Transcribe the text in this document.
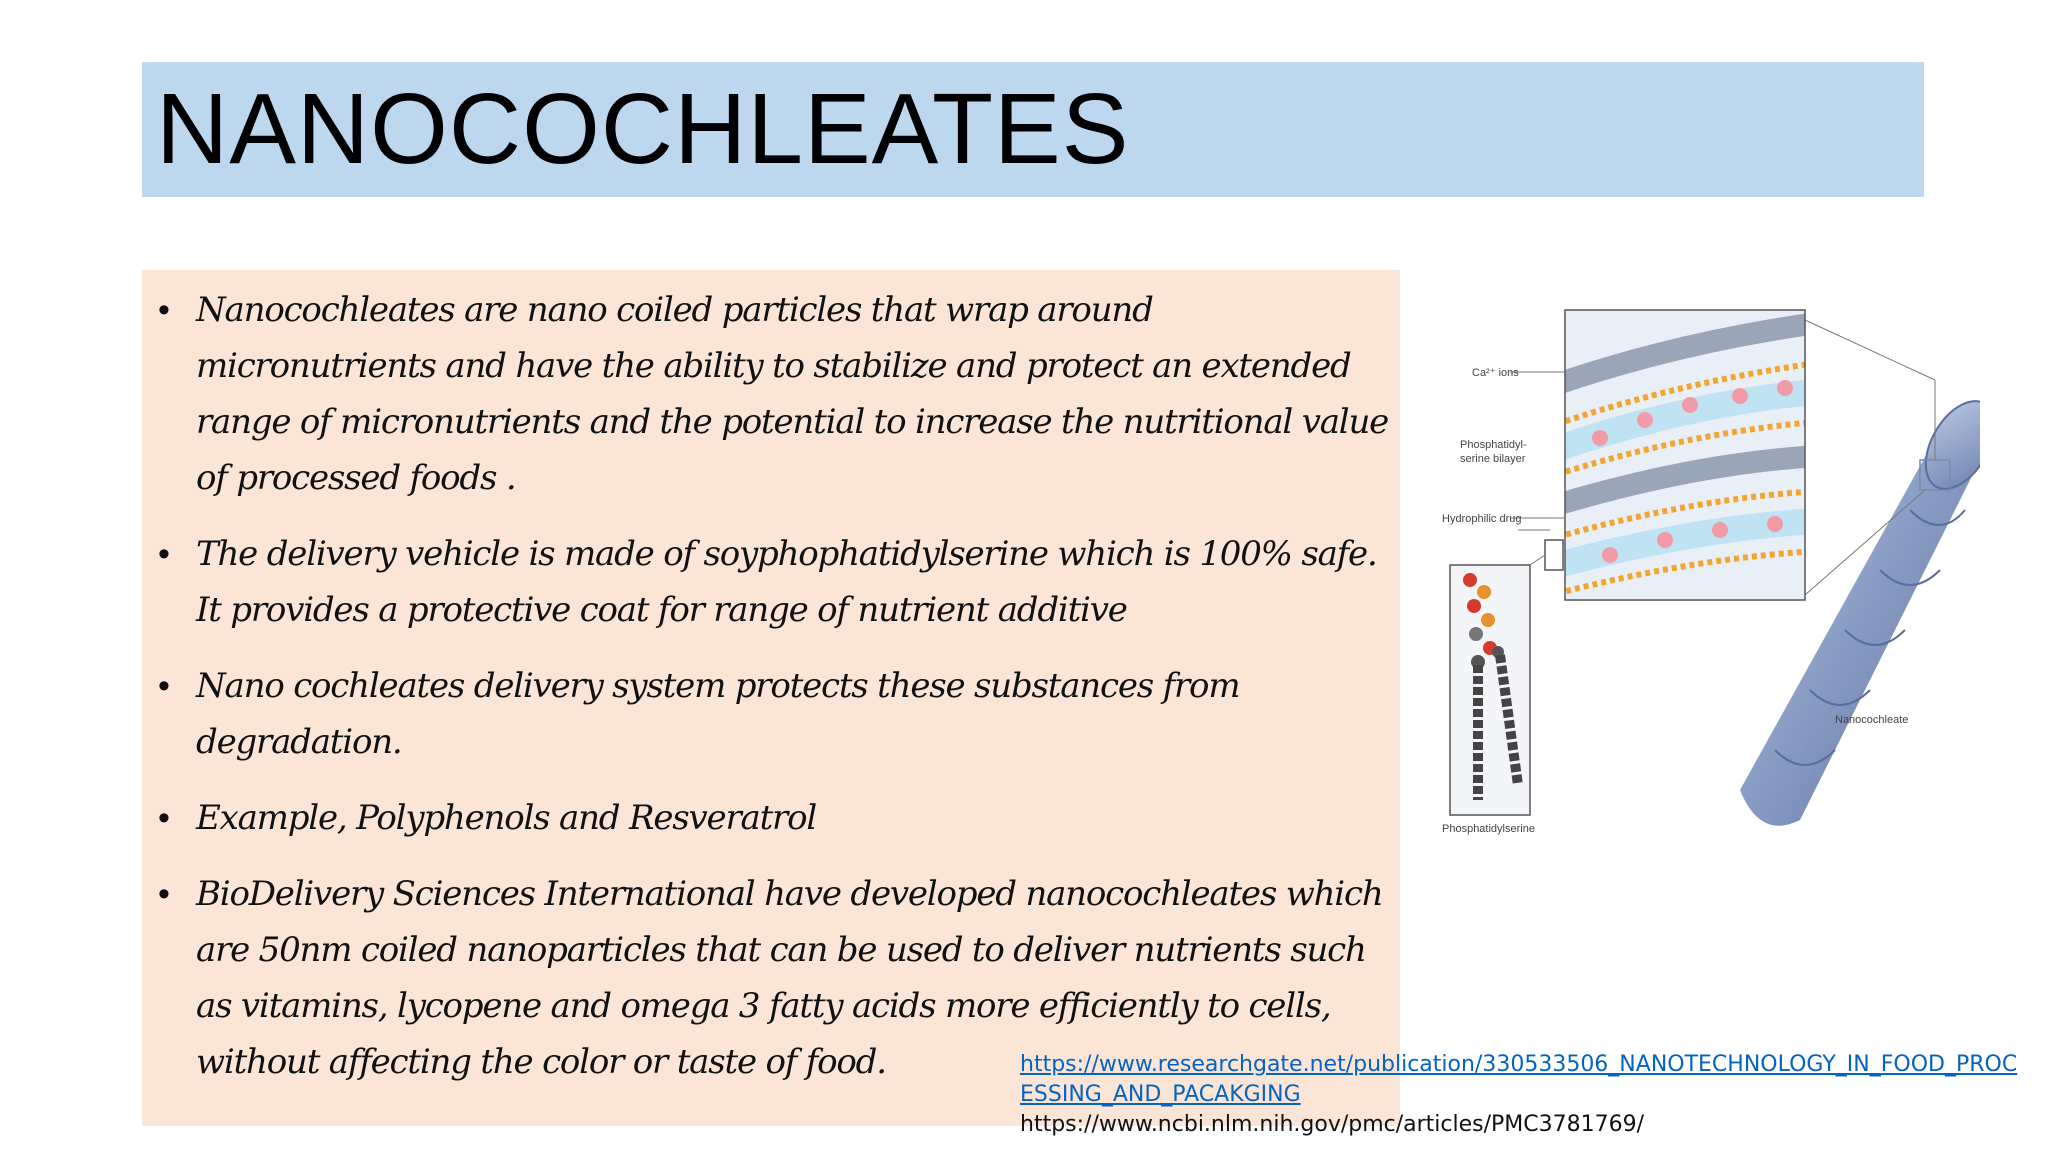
NANOCOCHLEATES
• Nanocochleates are nano coiled particles that wrap around micronutrients and have the ability to stabilize and protect an extended range of micronutrients and the potential to increase the nutritional value of processed foods .
• The delivery vehicle is made of soyphophatidylserine which is 100% safe. It provides a protective coat for range of nutrient additive
• Nano cochleates delivery system protects these substances from degradation.
• Example, Polyphenols and Resveratrol
• BioDelivery Sciences International have developed nanocochleates which are 50nm coiled nanoparticles that can be used to deliver nutrients such as vitamins, lycopene and omega 3 fatty acids more efficiently to cells, without affecting the color or taste of food.
Ca²⁺ ions
Phosphatidyl-
serine bilayer
Hydrophilic drug
Phosphatidylserine
Nanocochleate
https://www.researchgate.net/publication/330533506_NANOTECHNOLOGY_IN_FOOD_PROCESSING_AND_PACAKGING
https://www.ncbi.nlm.nih.gov/pmc/articles/PMC3781769/
